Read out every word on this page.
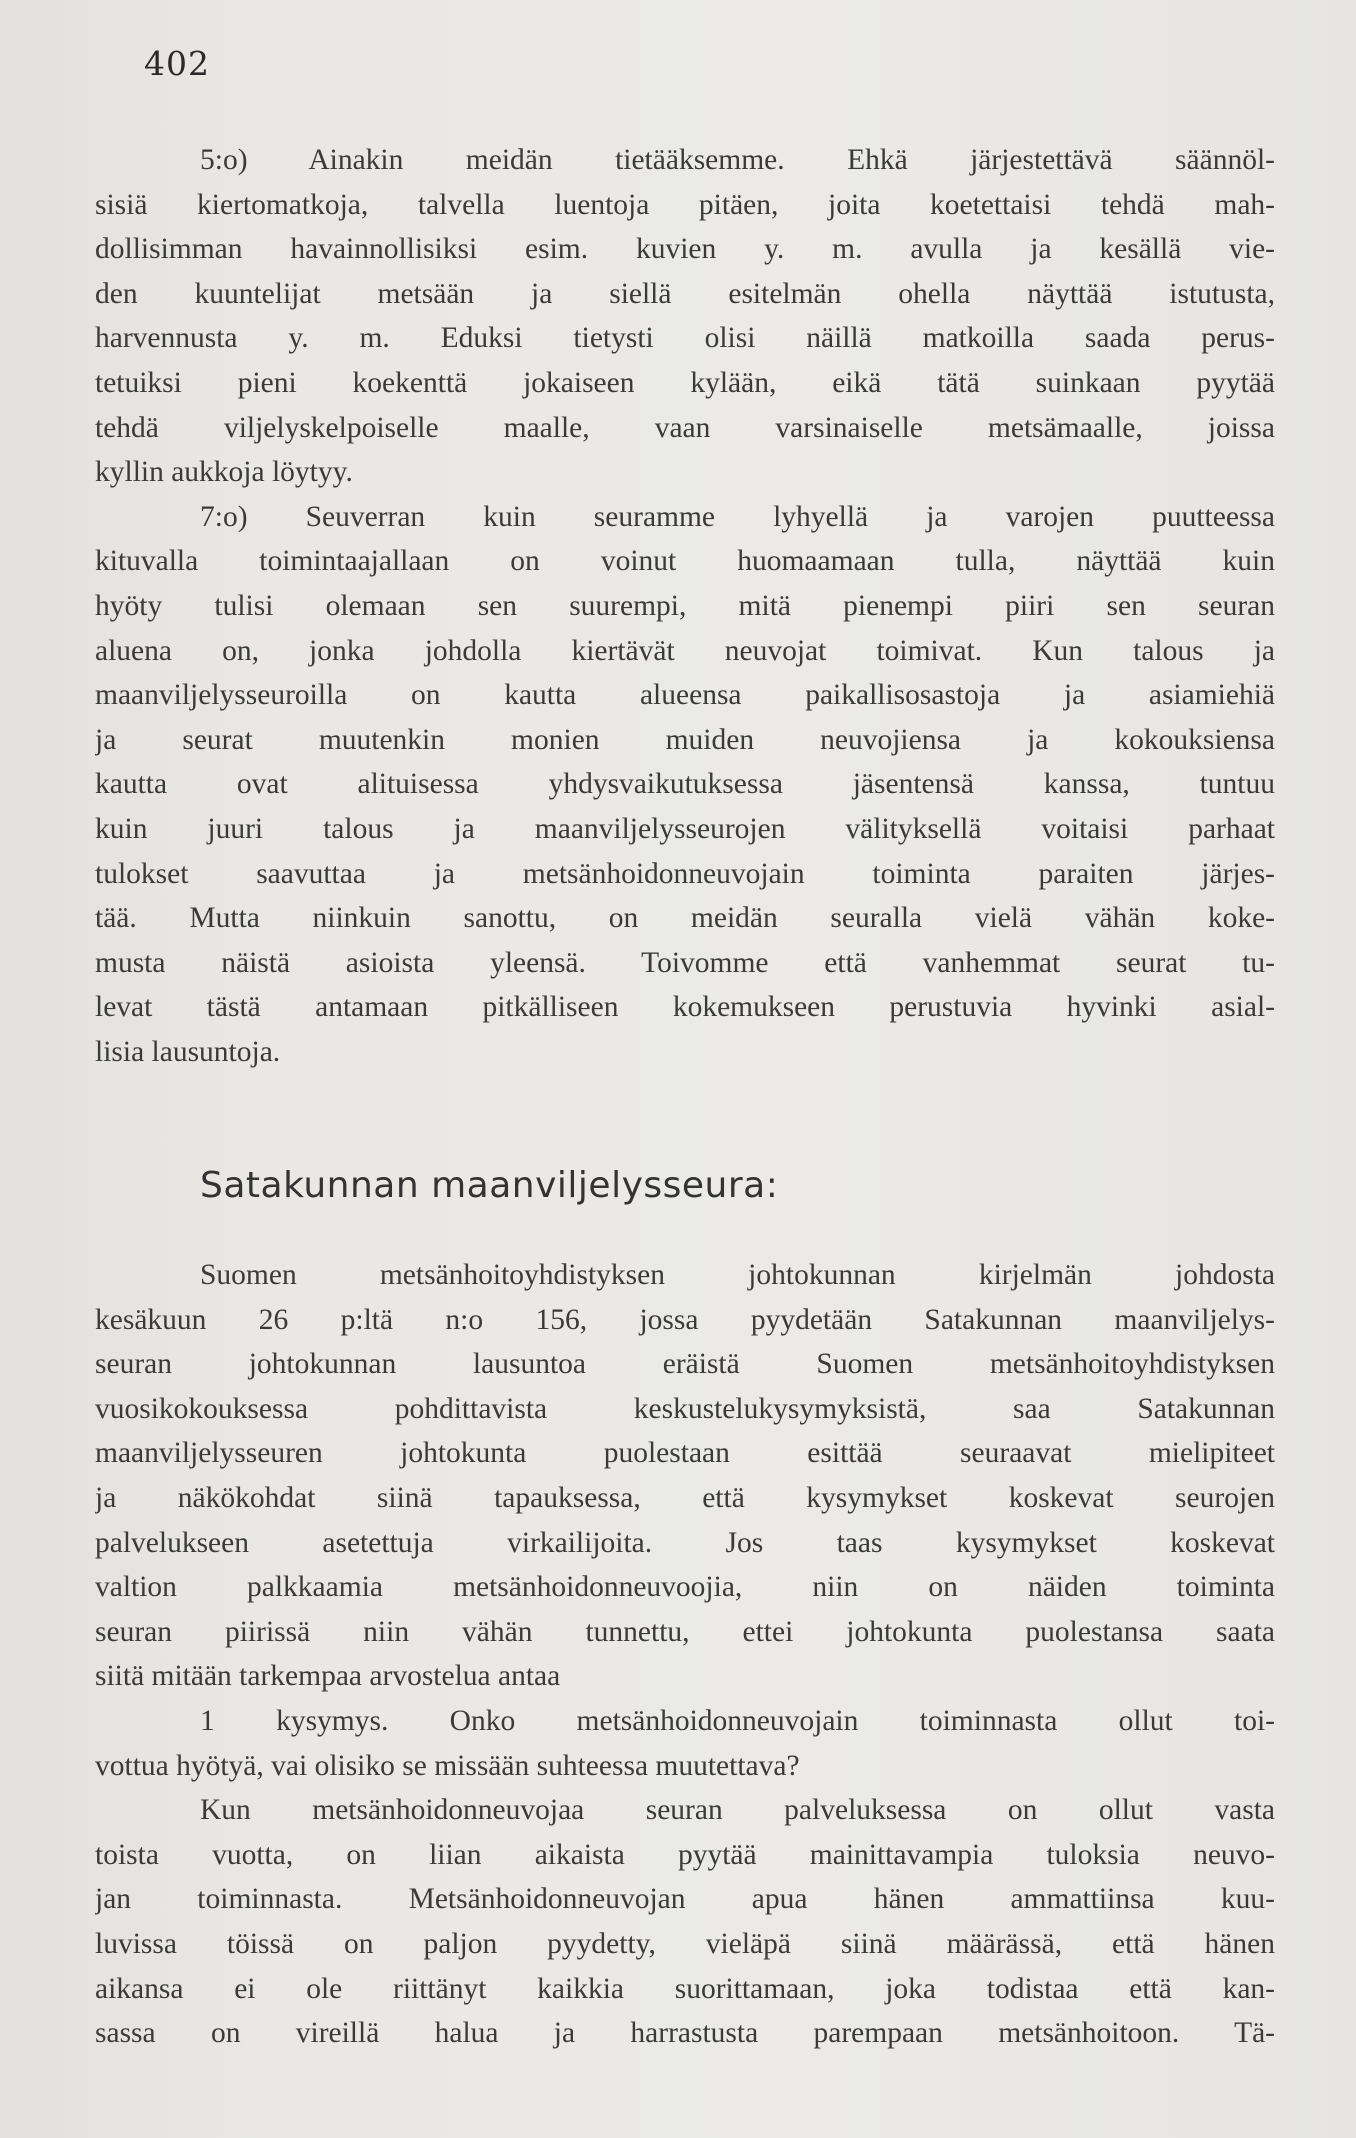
402
5:o) Ainakin meidän tietääksemme. Ehkä järjestettävä säännöl-
sisiä kiertomatkoja, talvella luentoja pitäen, joita koetettaisi tehdä mah-
dollisimman havainnollisiksi esim. kuvien y. m. avulla ja kesällä vie-
den kuuntelijat metsään ja siellä esitelmän ohella näyttää istutusta,
harvennusta y. m. Eduksi tietysti olisi näillä matkoilla saada perus-
tetuiksi pieni koekenttä jokaiseen kylään, eikä tätä suinkaan pyytää
tehdä viljelyskelpoiselle maalle, vaan varsinaiselle metsämaalle, joissa
kyllin aukkoja löytyy.
7:o) Seuverran kuin seuramme lyhyellä ja varojen puutteessa
kituvalla toimintaajallaan on voinut huomaamaan tulla, näyttää kuin
hyöty tulisi olemaan sen suurempi, mitä pienempi piiri sen seuran
aluena on, jonka johdolla kiertävät neuvojat toimivat. Kun talous ja
maanviljelysseuroilla on kautta alueensa paikallisosastoja ja asiamiehiä
ja seurat muutenkin monien muiden neuvojiensa ja kokouksiensa
kautta ovat alituisessa yhdysvaikutuksessa jäsentensä kanssa, tuntuu
kuin juuri talous ja maanviljelysseurojen välityksellä voitaisi parhaat
tulokset saavuttaa ja metsänhoidonneuvojain toiminta paraiten järjes-
tää. Mutta niinkuin sanottu, on meidän seuralla vielä vähän koke-
musta näistä asioista yleensä. Toivomme että vanhemmat seurat tu-
levat tästä antamaan pitkälliseen kokemukseen perustuvia hyvinki asial-
lisia lausuntoja.
Satakunnan maanviljelysseura:
Suomen metsänhoitoyhdistyksen johtokunnan kirjelmän johdosta
kesäkuun 26 p:ltä n:o 156, jossa pyydetään Satakunnan maanviljelys-
seuran johtokunnan lausuntoa eräistä Suomen metsänhoitoyhdistyksen
vuosikokouksessa pohdittavista keskustelukysymyksistä, saa Satakunnan
maanviljelysseuren johtokunta puolestaan esittää seuraavat mielipiteet
ja näkökohdat siinä tapauksessa, että kysymykset koskevat seurojen
palvelukseen asetettuja virkailijoita. Jos taas kysymykset koskevat
valtion palkkaamia metsänhoidonneuvoojia, niin on näiden toiminta
seuran piirissä niin vähän tunnettu, ettei johtokunta puolestansa saata
siitä mitään tarkempaa arvostelua antaa
1 kysymys. Onko metsänhoidonneuvojain toiminnasta ollut toi-
vottua hyötyä, vai olisiko se missään suhteessa muutettava?
Kun metsänhoidonneuvojaa seuran palveluksessa on ollut vasta
toista vuotta, on liian aikaista pyytää mainittavampia tuloksia neuvo-
jan toiminnasta. Metsänhoidonneuvojan apua hänen ammattiinsa kuu-
luvissa töissä on paljon pyydetty, vieläpä siinä määrässä, että hänen
aikansa ei ole riittänyt kaikkia suorittamaan, joka todistaa että kan-
sassa on vireillä halua ja harrastusta parempaan metsänhoitoon. Tä-
